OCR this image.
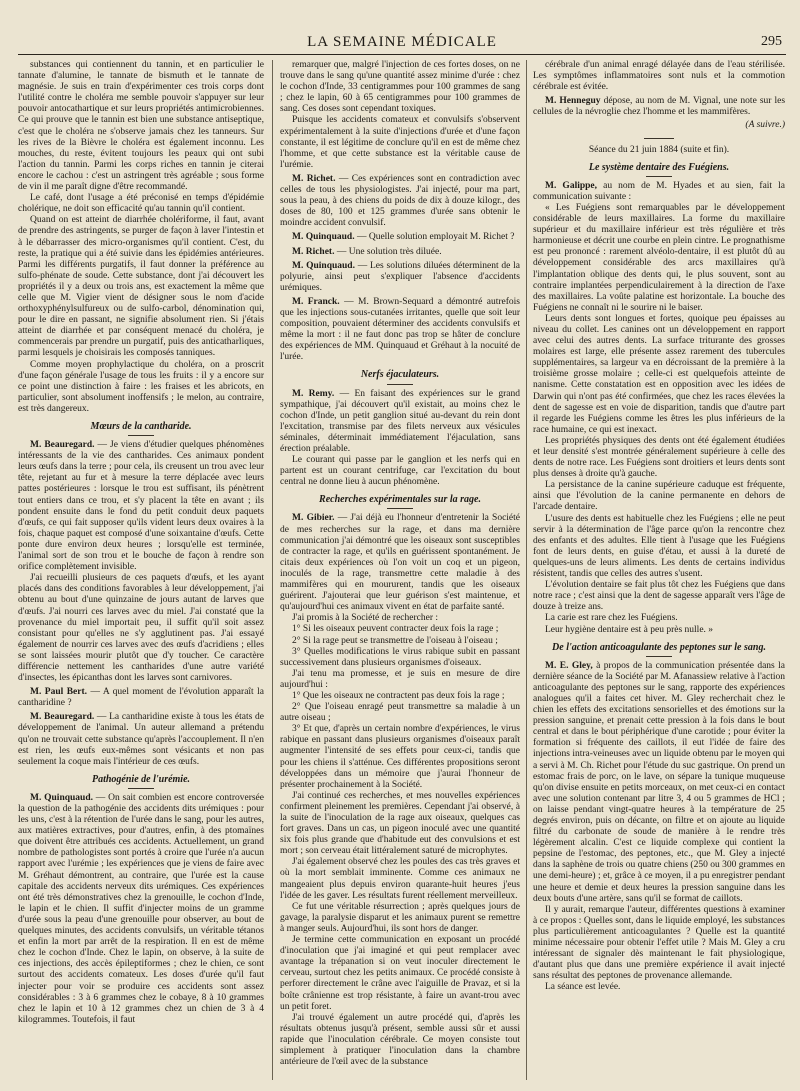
LA SEMAINE MÉDICALE	295

substances qui contiennent du tannin, et en particulier le tannate d'alumine, le tannate de bismuth et le tannate de magnésie. Je suis en train d'expérimenter ces trois corps dont l'utilité contre le choléra me semble pouvoir s'appuyer sur leur pouvoir antocathartique et sur leurs propriétés antimicrobiennes. Ce qui prouve que le tannin est bien une substance antiseptique, c'est que le choléra ne s'observe jamais chez les tanneurs. Sur les rives de la Bièvre le choléra est également inconnu. Les mouches, du reste, évitent toujours les peaux qui ont subi l'action du tannin. Parmi les corps riches en tannin je citerai encore le cachou : c'est un astringent très agréable ; sous forme de vin il me paraît digne d'être recommandé.

Le café, dont l'usage a été préconisé en temps d'épidémie cholérique, ne doit son efficacité qu'au tannin qu'il contient.

Quand on est atteint de diarrhée cholériforme, il faut, avant de prendre des astringents, se purger de façon à laver l'intestin et à le débarrasser des micro-organismes qu'il contient. C'est, du reste, la pratique qui a été suivie dans les épidémies antérieures. Parmi les différents purgatifs, il faut donner la préférence au sulfo-phénate de soude. Cette substance, dont j'ai découvert les propriétés il y a deux ou trois ans, est exactement la même que celle que M. Vigier vient de désigner sous le nom d'acide orthoxyphénylsulfureux ou de sulfo-carbol, dénomination qui, pour le dire en passant, ne signifie absolument rien. Si j'étais atteint de diarrhée et par conséquent menacé du choléra, je commencerais par prendre un purgatif, puis des anticatharliques, parmi lesquels je choisirais les composés tanniques.

Comme moyen prophylactique du choléra, on a proscrit d'une façon générale l'usage de tous les fruits : il y a encore sur ce point une distinction à faire : les fraises et les abricots, en particulier, sont absolument inoffensifs ; le melon, au contraire, est très dangereux.

Mœurs de la cantharide.

M. Beauregard. — Je viens d'étudier quelques phénomènes intéressants de la vie des cantharides. Ces animaux pondent leurs œufs dans la terre ; pour cela, ils creusent un trou avec leur tête, rejetant au fur et à mesure la terre déplacée avec leurs pattes postérieures : lorsque le trou est suffisant, ils pénètrent tout entiers dans ce trou, et s'y placent la tête en avant ; ils pondent ensuite dans le fond du petit conduit deux paquets d'œufs, ce qui fait supposer qu'ils vident leurs deux ovaires à la fois, chaque paquet est composé d'une soixantaine d'œufs. Cette ponte dure environ deux heures ; lorsqu'elle est terminée, l'animal sort de son trou et le bouche de façon à rendre son orifice complètement invisible.

J'ai recueilli plusieurs de ces paquets d'œufs, et les ayant placés dans des conditions favorables à leur développement, j'ai obtenu au bout d'une quinzaine de jours autant de larves que d'œufs. J'ai nourri ces larves avec du miel. J'ai constaté que la provenance du miel importait peu, il suffit qu'il soit assez consistant pour qu'elles ne s'y agglutinent pas. J'ai essayé également de nourrir ces larves avec des œufs d'acridiens ; elles se sont laissées mourir plutôt que d'y toucher. Ce caractère différencie nettement les cantharides d'une autre variété d'insectes, les épicanthas dont les larves sont carnivores.

M. Paul Bert. — A quel moment de l'évolution apparaît la cantharidine ?

M. Beauregard. — La cantharidine existe à tous les états de développement de l'animal. Un auteur allemand a prétendu qu'on ne trouvait cette substance qu'après l'accouplement. Il n'en est rien, les œufs eux-mêmes sont vésicants et non pas seulement la coque mais l'intérieur de ces œufs.

Pathogénie de l'urémie.

M. Quinquaud. — On sait combien est encore controversée la question de la pathogénie des accidents dits urémiques : pour les uns, c'est à la rétention de l'urée dans le sang, pour les autres, aux matières extractives, pour d'autres, enfin, à des ptomaïnes que doivent être attribués ces accidents. Actuellement, un grand nombre de pathologistes sont portés à croire que l'urée n'a aucun rapport avec l'urémie ; les expériences que je viens de faire avec M. Gréhaut démontrent, au contraire, que l'urée est la cause capitale des accidents nerveux dits urémiques. Ces expériences ont été très démonstratives chez la grenouille, le cochon d'Inde, le lapin et le chien. Il suffit d'injecter moins de un gramme d'urée sous la peau d'une grenouille pour observer, au bout de quelques minutes, des accidents convulsifs, un véritable tétanos et enfin la mort par arrêt de la respiration. Il en est de même chez le cochon d'Inde. Chez le lapin, on observe, à la suite de ces injections, des accès épileptiformes ; chez le chien, ce sont surtout des accidents comateux. Les doses d'urée qu'il faut injecter pour voir se produire ces accidents sont assez considérables : 3 à 6 grammes chez le cobaye, 8 à 10 grammes chez le lapin et 10 à 12 grammes chez un chien de 3 à 4 kilogrammes. Toutefois, il faut

remarquer que, malgré l'injection de ces fortes doses, on ne trouve dans le sang qu'une quantité assez minime d'urée : chez le cochon d'Inde, 33 centigrammes pour 100 grammes de sang ; chez le lapin, 60 à 65 centigrammes pour 100 grammes de sang. Ces doses sont cependant toxiques.

Puisque les accidents comateux et convulsifs s'observent expérimentalement à la suite d'injections d'urée et d'une façon constante, il est légitime de conclure qu'il en est de même chez l'homme, et que cette substance est la véritable cause de l'urémie.

M. Richet. — Ces expériences sont en contradiction avec celles de tous les physiologistes. J'ai injecté, pour ma part, sous la peau, à des chiens du poids de dix à douze kilogr., des doses de 80, 100 et 125 grammes d'urée sans obtenir le moindre accident convulsif.

M. Quinquaud. — Quelle solution employait M. Richet ?

M. Richet. — Une solution très diluée.

M. Quinquaud. — Les solutions diluées déterminent de la polyurie, ainsi peut s'expliquer l'absence d'accidents urémiques.

M. Franck. — M. Brown-Sequard a démontré autrefois que les injections sous-cutanées irritantes, quelle que soit leur composition, pouvaient déterminer des accidents convulsifs et même la mort : il ne faut donc pas trop se hâter de conclure des expériences de MM. Quinquaud et Gréhaut à la nocuité de l'urée.

Nerfs éjaculateurs.

M. Remy. — En faisant des expériences sur le grand sympathique, j'ai découvert qu'il existait, au moins chez le cochon d'Inde, un petit ganglion situé au-devant du rein dont l'excitation, transmise par des filets nerveux aux vésicules séminales, déterminait immédiatement l'éjaculation, sans érection préalable.

Le courant qui passe par le ganglion et les nerfs qui en partent est un courant centrifuge, car l'excitation du bout central ne donne lieu à aucun phénomène.

Recherches expérimentales sur la rage.

M. Gibier. — J'ai déjà eu l'honneur d'entretenir la Société de mes recherches sur la rage, et dans ma dernière communication j'ai démontré que les oiseaux sont susceptibles de contracter la rage, et qu'ils en guérissent spontanément. Je citais deux expériences où l'on voit un coq et un pigeon, inoculés de la rage, transmettre cette maladie à des mammifères qui en moururent, tandis que les oiseaux guérirent. J'ajouterai que leur guérison s'est maintenue, et qu'aujourd'hui ces animaux vivent en état de parfaite santé.

J'ai promis à la Société de rechercher :

1° Si les oiseaux peuvent contracter deux fois la rage ;

2° Si la rage peut se transmettre de l'oiseau à l'oiseau ;

3° Quelles modifications le virus rabique subit en passant successivement dans plusieurs organismes d'oiseaux.

J'ai tenu ma promesse, et je suis en mesure de dire aujourd'hui :

1° Que les oiseaux ne contractent pas deux fois la rage ;

2° Que l'oiseau enragé peut transmettre sa maladie à un autre oiseau ;

3° Et que, d'après un certain nombre d'expériences, le virus rabique en passant dans plusieurs organismes d'oiseaux paraît augmenter l'intensité de ses effets pour ceux-ci, tandis que pour les chiens il s'atténue. Ces différentes propositions seront développées dans un mémoire que j'aurai l'honneur de présenter prochainement à la Société.

J'ai continué ces recherches, et mes nouvelles expériences confirment pleinement les premières. Cependant j'ai observé, à la suite de l'inoculation de la rage aux oiseaux, quelques cas fort graves. Dans un cas, un pigeon inoculé avec une quantité six fois plus grande que d'habitude eut des convulsions et est mort ; son cerveau était littéralement saturé de microphytes.

J'ai également observé chez les poules des cas très graves et où la mort semblait imminente. Comme ces animaux ne mangeaient plus depuis environ quarante-huit heures j'eus l'idée de les gaver. Les résultats furent réellement merveilleux.

Ce fut une véritable résurrection ; après quelques jours de gavage, la paralysie disparut et les animaux purent se remettre à manger seuls. Aujourd'hui, ils sont hors de danger.

Je termine cette communication en exposant un procédé d'inoculation que j'ai imaginé et qui peut remplacer avec avantage la trépanation si on veut inoculer directement le cerveau, surtout chez les petits animaux. Ce procédé consiste à perforer directement le crâne avec l'aiguille de Pravaz, et si la boîte crânienne est trop résistante, à faire un avant-trou avec un petit foret.

J'ai trouvé également un autre procédé qui, d'après les résultats obtenus jusqu'à présent, semble aussi sûr et aussi rapide que l'inoculation cérébrale. Ce moyen consiste tout simplement à pratiquer l'inoculation dans la chambre antérieure de l'œil avec de la substance

cérébrale d'un animal enragé délayée dans de l'eau stérilisée. Les symptômes inflammatoires sont nuls et la commotion cérébrale est évitée.

M. Henneguy dépose, au nom de M. Vignal, une note sur les cellules de la névroglie chez l'homme et les mammifères.

(A suivre.)

Séance du 21 juin 1884 (suite et fin).

Le système dentaire des Fuégiens.

M. Galippe, au nom de M. Hyades et au sien, fait la communication suivante :

« Les Fuégiens sont remarquables par le développement considérable de leurs maxillaires. La forme du maxillaire supérieur et du maxillaire inférieur est très régulière et très harmonieuse et décrit une courbe en plein cintre. Le prognathisme est peu prononcé : rarement alvéolo-dentaire, il est plutôt dû au développement considérable des arcs maxillaires qu'à l'implantation oblique des dents qui, le plus souvent, sont au contraire implantées perpendiculairement à la direction de l'axe des maxillaires. La voûte palatine est horizontale. La bouche des Fuégiens ne connaît ni le sourire ni le baiser.

Leurs dents sont longues et fortes, quoique peu épaisses au niveau du collet. Les canines ont un développement en rapport avec celui des autres dents. La surface triturante des grosses molaires est large, elle présente assez rarement des tubercules supplémentaires, sa largeur va en décroissant de la première à la troisième grosse molaire ; celle-ci est quelquefois atteinte de nanisme. Cette constatation est en opposition avec les idées de Darwin qui n'ont pas été confirmées, que chez les races élevées la dent de sagesse est en voie de disparition, tandis que d'autre part il regarde les Fuégiens comme les êtres les plus inférieurs de la race humaine, ce qui est inexact.

Les propriétés physiques des dents ont été également étudiées et leur densité s'est montrée généralement supérieure à celle des dents de notre race. Les Fuégiens sont droitiers et leurs dents sont plus denses à droite qu'à gauche.

La persistance de la canine supérieure caduque est fréquente, ainsi que l'évolution de la canine permanente en dehors de l'arcade dentaire.

L'usure des dents est habituelle chez les Fuégiens ; elle ne peut servir à la détermination de l'âge parce qu'on la rencontre chez des enfants et des adultes. Elle tient à l'usage que les Fuégiens font de leurs dents, en guise d'étau, et aussi à la dureté de quelques-uns de leurs aliments. Les dents de certains individus résistent, tandis que celles des autres s'usent.

L'évolution dentaire se fait plus tôt chez les Fuégiens que dans notre race ; c'est ainsi que la dent de sagesse apparaît vers l'âge de douze à treize ans.

La carie est rare chez les Fuégiens.

Leur hygiène dentaire est à peu près nulle. »

De l'action anticoagulante des peptones sur le sang.

M. E. Gley, à propos de la communication présentée dans la dernière séance de la Société par M. Afanassiew relative à l'action anticoagulante des peptones sur le sang, rapporte des expériences analogues qu'il a faites cet hiver. M. Gley recherchait chez le chien les effets des excitations sensorielles et des émotions sur la pression sanguine, et prenait cette pression à la fois dans le bout central et dans le bout périphérique d'une carotide ; pour éviter la formation si fréquente des caillots, il eut l'idée de faire des injections intra-veineuses avec un liquide obtenu par le moyen qui a servi à M. Ch. Richet pour l'étude du suc gastrique. On prend un estomac frais de porc, on le lave, on sépare la tunique muqueuse qu'on divise ensuite en petits morceaux, on met ceux-ci en contact avec une solution contenant par litre 3, 4 ou 5 grammes de HCl ; on laisse pendant vingt-quatre heures à la température de 25 degrés environ, puis on décante, on filtre et on ajoute au liquide filtré du carbonate de soude de manière à le rendre très légèrement alcalin. C'est ce liquide complexe qui contient la pepsine de l'estomac, des peptones, etc., que M. Gley a injecté dans la saphène de trois ou quatre chiens (250 ou 300 grammes en une demi-heure) ; et, grâce à ce moyen, il a pu enregistrer pendant une heure et demie et deux heures la pression sanguine dans les deux bouts d'une artère, sans qu'il se format de caillots.

Il y aurait, remarque l'auteur, différentes questions à examiner à ce propos : Quelles sont, dans le liquide employé, les substances plus particulièrement anticoagulantes ? Quelle est la quantité minime nécessaire pour obtenir l'effet utile ? Mais M. Gley a cru intéressant de signaler dès maintenant le fait physiologique, d'autant plus que dans une première expérience il avait injecté sans résultat des peptones de provenance allemande.

La séance est levée.
